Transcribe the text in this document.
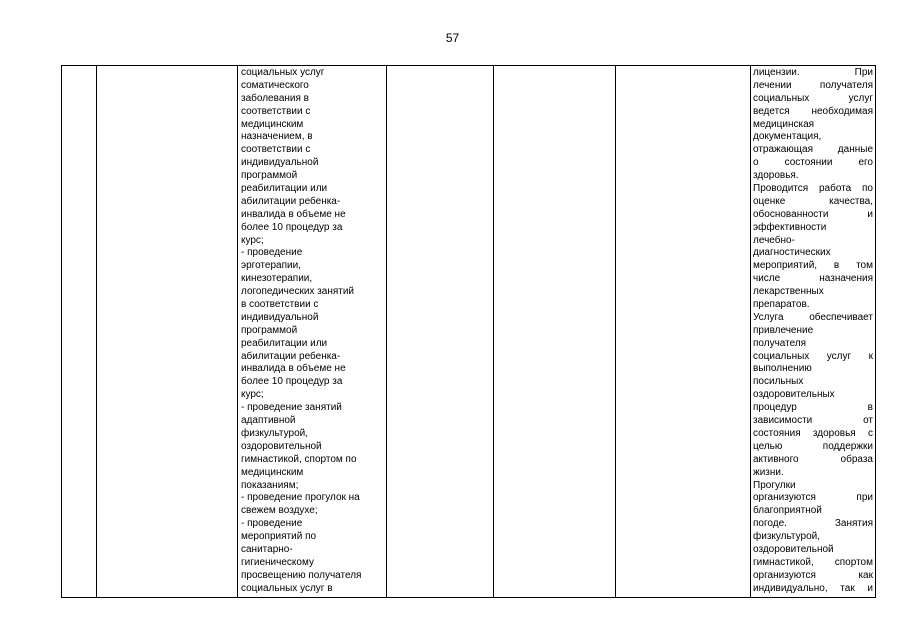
57
социальных услуг
соматического
заболевания в
соответствии с
медицинским
назначением, в
соответствии с
индивидуальной
программой
реабилитации или
абилитации ребенка-
инвалида в объеме не
более 10 процедур за
курс;
- проведение
эрготерапии,
кинезотерапии,
логопедических занятий
в соответствии с
индивидуальной
программой
реабилитации или
абилитации ребенка-
инвалида в объеме не
более 10 процедур за
курс;
- проведение занятий
адаптивной
физкультурой,
оздоровительной
гимнастикой, спортом по
медицинским
показаниям;
- проведение прогулок на
свежем воздухе;
- проведение
мероприятий по
санитарно-
гигиеническому
просвещению получателя
социальных услуг в
лицензии. При
лечении получателя
социальных услуг
ведется необходимая
медицинская
документация,
отражающая данные
о состоянии его
здоровья.
Проводится работа по
оценке качества,
обоснованности и
эффективности
лечебно-
диагностических
мероприятий, в том
числе назначения
лекарственных
препаратов.
Услуга обеспечивает
привлечение
получателя
социальных услуг к
выполнению
посильных
оздоровительных
процедур в
зависимости от
состояния здоровья с
целью поддержки
активного образа
жизни.
Прогулки
организуются при
благоприятной
погоде. Занятия
физкультурой,
оздоровительной
гимнастикой, спортом
организуются как
индивидуально, так и
